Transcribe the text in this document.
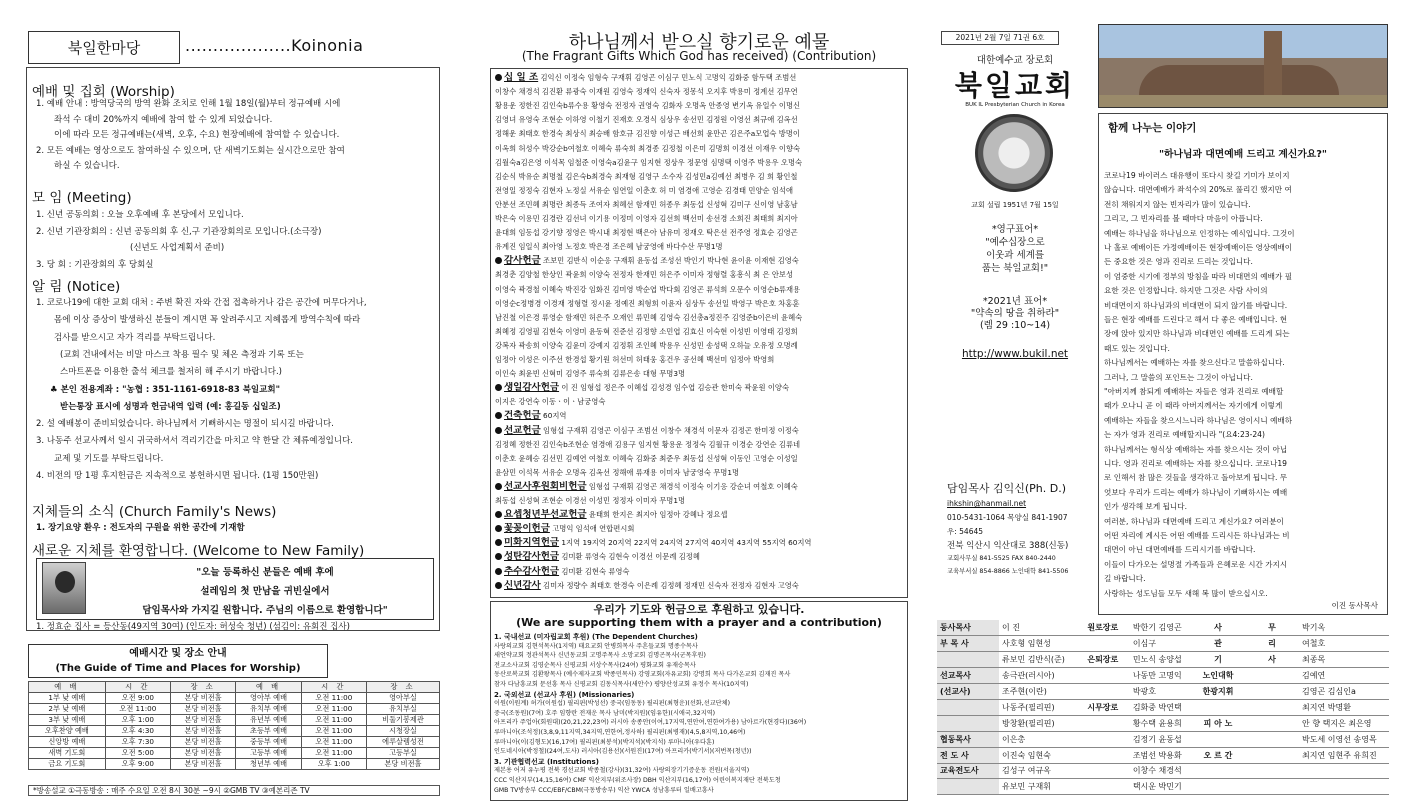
북일한마당	...................Koinonia
예배 및 집회 (Worship)
1. 예배 안내 : 방역당국의 방역 완화 조치로 인해 1월 18일(월)부터 정규예배 시에
좌석 수 대비 20%까지 예배에 참여 할 수 있게 되었습니다.
이에 따라 모든 정규예배는(새벽, 오후, 수요) 현장예배에 참여할 수 있습니다.
2. 모든 예배는 영상으로도 참여하실 수 있으며, 단 새벽기도회는 실시간으로만 참여
하실 수 있습니다.
모 임 (Meeting)
1. 신년 공동의회 : 오늘 오후예배 후 본당에서 모입니다.
2. 신년 기관장회의 : 신년 공동의회 후 신,구 기관장회의로 모입니다.(소극장)
(신년도 사업계획서 준비)
3. 당 회 : 기관장회의 후 당회실
알 림 (Notice)
1. 코로나19에 대한 교회 대처 : 주변 확진 자와 간접 접촉하거나 감은 공간에 머무다거나,
몸에 이상 증상이 발생하신 분들이 계시면 꼭 알려주시고 지혜롭게 방역수칙에 따라
검사를 받으시고 자가 격리를 부탁드립니다.
(교회 건내에서는 비말 마스크 착용 필수 및 체온 측정과 기록 또는
스마트폰을 이용한 출석 체크를 철저히 해 주시기 바랍니다.)
♣ 본인 전용계좌 : "농협 : 351-1161-6918-83 북일교회"
받는통장 표시에 성명과 헌금내역 입력 (예: 홍길동 십일조)
2. 설 예배봉이 준비되었습니다. 하나님께서 기뻐하시는 명절이 되시길 바랍니다.
3. 나동주 선교사께서 일시 귀국하셔서 격리기간을 마치고 약 한달 간 체류예정입니다.
교제 및 기도를 부탁드립니다.
4. 비전의 땅 1평 후지헌금은 지속적으로 봉헌하시면 됩니다. (1평 150만원)
지체들의 소식 (Church Family's News)
1. 장기요양 환우 : 전도자의 구원을 위한 공간에 기재함
새로운 지체를 환영합니다. (Welcome to New Family)
"오늘 등록하신 분들은 예배 후에
설레임의 첫 만남을 귀빈실에서
담임목사와 가지길 원합니다. 주님의 이름으로 환영합니다"
1. 정효순 집사 = 등산동(49지역 30여) (인도자: 허성숙 청년) (섬김이: 유회진 집사)
예배시간 및 장소 안내
(The Guide of Time and Places for Worship)
예 배	시 간	장 소	예 배	시 간	장 소
1부 낮 예배	오전 9:00	본당 비전홀	영아부 예배	오전 11:00	영아부실
2부 낮 예배	오전 11:00	본당 비전홀	유치부 예배	오전 11:00	유치부실
3부 낮 예배	오후 1:00	본당 비전홀	유년부 예배	오전 11:00	비둘기봉제관
오후찬양 예배	오후 4:30	본당 비전홀	초등부 예배	오전 11:00	시청장실
신앙방 예배	오후 7:30	본당 비전홀	중등부 예배	오전 11:00	에루살렘성전
새벽 기도회	오전 5:00	본당 비전홀	고등부 예배	오전 11:00	고등부실
금요 기도회	오후 9:00	본당 비전홀	청년부 예배	오후 1:00	본당 비전홀
*방송설교 ①극동방송 : 매주 수요일 오전 8시 30분 ~9시 ②GMB TV ③예본리존 TV
하나님께서 받으실 향기로운 예물
(The Fragrant Gifts Which God has received) (Contribution)
십 일 조 김익신 이정숙 임형숙 구재휘 김영곤 이심구 민노식 고명익 김화중 함두택 조범선
이창수 채경석 김진환 류광숙 이재원 김영숙 정재익 신숙자 정몽석 오지후 박용미 정계선 김무연
황용운 정한진 김인숙b류수용 황영숙 전정자 권영숙 김화자 오명옥 안종영 변기옥 유일수 이명신
김영녀 유영숙 조현순 이하영 이철기 진재호 오경식 심상우 송선민 김정원 이영선 최규애 김옥선
정해운 최태호 한경숙 최상식 최승배 함호규 김진향 이성근 배선희 윤만곤 김은주a모업숙 방명이
이옥희 허성수 박강순b여철호 이혜숙 류숙희 최경종 김정철 이은미 김명희 이경선 이재우 이향숙
김월숙a김은영 이석목 임철준 이영숙a김윤구 임지현 정상우 정문영 심명택 이영주 박용우 오명숙
김순식 박유순 최명철 김은숙b최경숙 최재형 김영구 소수자 김성민a김예선 최병우 김 희 황인철
전영일 정정숙 김현자 노정실 서유순 임연일 이춘호 허 미 염경애 고영순 김경태 민양순 임석애
안분선 조민혜 최명란 최종득 조여자 최혜선 함재민 허종우 최동섭 신성혁 김미구 신이영 남홍남
박은숙 이용민 김경란 김선녀 이기용 이정미 이영자 김선희 백선미 송선경 소희진 최태희 최지아
윤대희 임동섭 강기향 정영은 박시내 최정현 백은아 남유미 정재오 탁은선 전주영 정효순 김영곤
유계진 임일식 최아영 노정호 박은경 조은혜 남궁영애 바다수산 무명1명
감사헌금 조보민 김반식 이순응 구재휘 윤동섭 조성선 박인기 박나현 윤이윤 이재현 김영숙
최경춘 김양철 한상인 곽윤희 이양숙 전정자 한재민 허은주 이미자 정형렬 홍흥식 최 은 안보성
이영숙 곽경철 이혜숙 박진강 임화진 김미영 박순엽 박다회 김영곤 류석희 오문수 이영순b류재용
이영순c정병경 이경재 정형렬 정시윤 정예진 최형희 이윤자 심상두 송선일 박영구 박은호 차홍훈
남진철 이은경 류영순 함재민 허은주 오재인 류민혜 김영숙 김선총a정진주 김영준b이은비 윤혜숙
최혜정 김영필 김현숙 이영미 윤동혁 진준선 김정향 소민엽 김효신 이숙현 이성빈 이영태 김정희
강복자 곽송희 이양숙 김윤미 강예지 김정휘 조인혜 박용우 신성민 송성택 오하늘 오유정 오명례
임정아 이성은 이주선 한경섭 황기원 허선미 허태웅 홍건우 공선혜 백선미 임정아 박영희
이인숙 최윤빈 신혁미 김영주 류숙희 김류은송 대형 무명3명
생일감사헌금 이 진 임형섭 정은주 이혜섭 김성경 임수엽 김승관 한미숙 곽윤원 이양숙
이지은 강연숙 이동ㆍ이ㆍ남궁영숙
건축헌금 60지역
선교헌금 임형섭 구재휘 김영곤 이심구 조범선 이창수 채경석 이문자 김정곤 한미정 이정숙
김정혜 정한진 김인숙b조현순 염경애 김용구 임지현 황용운 정정숙 김월규 이경순 강연순 김류네
이춘호 윤혜승 김선민 김예연 여철호 이혜숙 김화중 최준우 최동섭 신성혁 이동인 고영순 이성일
윤삼민 이석목 서유순 오명옥 김옥선 정해애 류재용 이미자 남궁영숙 무명1명
선교사후원회비헌금 임형섭 구재휘 김영곤 채경석 이정숙 이기응 강순녀 여철호 이혜숙
최동섭 신성혁 조현순 이경선 이성민 정정자 이미자 무명1명
요셉청년부선교헌금 윤태희 한지은 최지아 임정아 강혜나 정요셉
꽃꽂이헌금 고명익 임석애 연합편시회
미화지역헌금 1지역 19지역 20지역 22지역 24지역 27지역 40지역 43지역 55지역 60지역
성탄감사헌금 김미환 류영숙 김현숙 이경선 이문례 김정혜
추수감사헌금 김미환 김현숙 류영숙
신년감사 김미자 정량수 최태호 한경숙 이은례 김정혜 정재민 신숙자 전정자 김현자 고영숙
우리가 기도와 헌금으로 후원하고 있습니다.
(We are supporting them with a prayer and a contribution)
1. 국내선교 (미자립교회 후원) (The Dependent Churches)
사랑의교회 김현석목사(1지역) 태요교회 안병희목사 주흔들교회 명종수목사
새언약교회 정관석목사 신년동교회 고명주목사 소망교회 김명곤목사(군목후원)
전교소사교회 김영순목사 신평교회 서상수목사(24여) 평화교회 유재승목사
동산로복교회 김환왕목사 (예수제자교회 박종민목사) 강영교회(자유교회) 강명희 목사 다가온교회 김재진 목사
참자 다남흥교회 문선흥 목사 신평교회 김동식목사(새안수) 평양산성교회 유정수 목사(10지역)
2. 국외선교 (선교사 후원) (Missionaries)
이원(이원계) 허가(이원섭) 필리핀(박성선) 중국(임동동) 필리핀(최형운)(선화,선교단체)
중국(조동원)(7여) 호주 임향란 전재운 목사 남미(박지원)(임유한)(시애국,32지역)
아프리카 주업아(회원대)(20,21,22,23여) 러시아 송종안(이여,17지역,연안여,연한여가용) 남아르카(현경다)(36여)
루마니아(조석정)(3,8,9,11지역,34지역,연한여,정사하) 필리핀(최병재)(4,5,8지역,10,46여)
루마니아(이(김형도)(16,17여) 필리핀(최봉석)(박지석)(박지석) 루마니아(우다훈)
인도네시아(박정철)(24여,도사) 러시아(김용선)(서원진)(17여) 아프리카(박기서)(저번목(청년))
3. 기관협력선교 (Institutions)
제본용 어저 유누평 전북 경선교회 박종철(강사)(31,32여) 사랑의장기기증운동 전원(서울지역)
CCC 익산지부(14,15,16여) CMF 익산지부(위조사장) DBH 익산지부(16,17여) 어린이복지재단 전북도청
GMB TV방송부 CCC/EBF/CBM(극동방송부) 익산 YWCA 성남흥루터 일배고흥사
2021년 2월 7일 71권 6호
대한예수교 장로회
북일교회
BUK IL Presbyterian Church in Korea
교회 설립 1951년 7월 15일
*영구표어*
"예수십장으로
이웃과 세계를
품는 북일교회!"
*2021년 표어*
"약속의 땅을 취하라"
(렘 29 :10~14)
http://www.bukil.net
담임목사 김익신(Ph. D.)
ihkshin@hanmail.net
010-5431-1064 목양실 841-1907
우: 54645
전북 익산시 익산대로 388(신동)
교회사무실 841-5525 FAX 840-2440
교육부서실 854-8866 노인대학 841-5506
함께 나누는 이야기
"하나님과 대면예배 드리고 계신가요?"
코로나19 바이러스 대유행이 또다시 찾길 기미가 보이지
않습니다. 대면예배가 좌석수의 20%로 풀리긴 했지만 여
전히 채워지지 않는 빈자리가 많이 있습니다.
그리고, 그 빈자리를 볼 때마다 마음이 아픕니다.
예배는 하나님을 하나님으로 인정하는 예식입니다. 그것이
나 홀로 예배이든 가정예배이든 현장예배이든 영상예배이
든 중요한 것은 영과 진리로 드리는 것입니다.
이 엄중한 시기에 정부의 방침을 따라 비대면의 예배가 필
요한 것은 인정합니다. 하지만 그것은 사람 사이의
비대면이지 하나님과의 비대면이 되지 않기를 바랍니다.
들은 현장 예배를 드린다고 해서 다 좋은 예배입니다. 현
장에 앉아 있지만 하나님과 비대면인 예배를 드리게 되는
때도 있는 것입니다.
하나님께서는 예배하는 자를 찾으신다고 말씀하십니다.
그러나, 그 말씀의 포인트는 그것이 아닙니다.
"아버지께 참되게 예배하는 자들은 영과 진리로 예배할
때가 오나니 곧 이 때라 아버지께서는 자기에게 이렇게
예배하는 자들을 찾으시느니라 하나님은 영이시니 예배하
는 자가 영과 진리로 예배할지니라 "(요4:23-24)
하나님께서는 형식상 예배하는 자를 찾으시는 것이 아닙
니다. 영과 진리로 예배하는 자를 찾으십니다. 코로나19
로 인해서 참 많은 것들을 생각하고 돌아보게 됩니다. 무
엇보다 우리가 드리는 예배가 하나님이 기뻐하시는 예배
인가 생각해 보게 됩니다.
여러분, 하나님과 대면예배 드리고 계신가요? 여러분이
어떤 자리에 계시든 어떤 예배를 드리시든 하나님과는 비
대면이 아닌 대면예배를 드리시기를 바랍니다.
이들이 다가오는 설명절 가족들과 은혜로운 시간 가지시
길 바랍니다.
사랑하는 성도님들 모두 새해 복 많이 받으십시오.
이진 동사목사
동사목사	이 진	원로장로	박한기 김영곤	사	무	박기옥
부 목 사	사호형 임현성		이심구	관	리	여철호
	류보민 김반식(준)	은퇴장로	민노식 송양섭	기	사	최종목
선교목사	송극관(러시아)		나동만 고명익	노인대학		김예연
(선교사)	조주현(이란)		박광호	한광지휘		김영곤 김심인a
	나동주(필리핀)	시무장로	김화중 박연택			최지연 박명환
	방창환(필리핀)		황수택 윤용희	피 아 노		안 향 택지은 최은영
협동목사	이은총		김정기 윤동섭			박도세 이영선 송영목
전 도 사	이진숙 임현숙		조범선 박용화	오 르 간		최지연 임현주 유희진
교육전도사	김성구 여규옥		이창수 채경석			
	유보민 구재휘		택시운 박민기			
